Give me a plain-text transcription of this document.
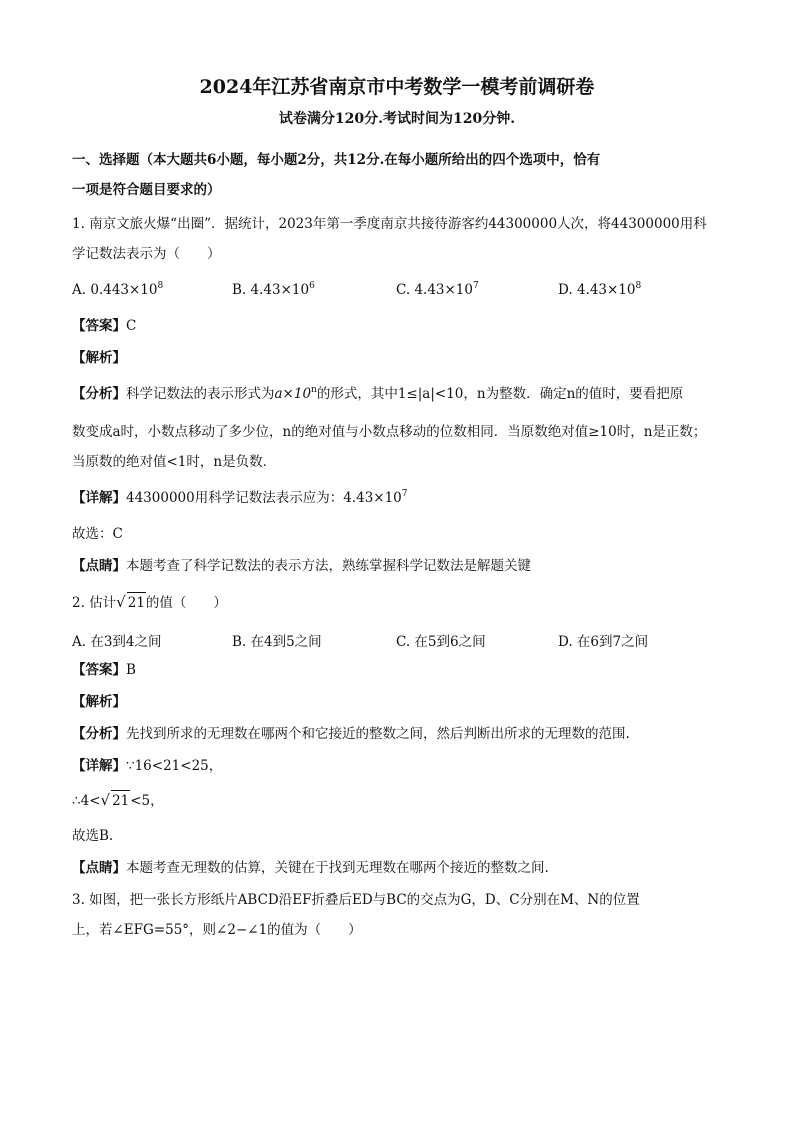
2024年江苏省南京市中考数学一模考前调研卷
试卷满分120分.考试时间为120分钟.
一、选择题（本大题共6小题，每小题2分，共12分.在每小题所给出的四个选项中，恰有
一项是符合题目要求的）
1. 南京文旅火爆“出圈”．据统计，2023年第一季度南京共接待游客约44300000人次，将44300000用科
学记数法表示为（　　）
A. $0.443\times 10^8$	B. $4.43\times 10^6$	C. $4.43\times 10^7$	D. $4.43\times 10^8$
【答案】C
【解析】
【分析】科学记数法的表示形式为$a\times 10^n$的形式，其中1≤|a|<10，n为整数．确定n的值时，要看把原
数变成a时，小数点移动了多少位，n的绝对值与小数点移动的位数相同．当原数绝对值≥10时，n是正数；
当原数的绝对值<1时，n是负数．
【详解】44300000用科学记数法表示应为：$4.43\times 10^7$
故选：C
【点睛】本题考查了科学记数法的表示方法，熟练掌握科学记数法是解题关键
2. 估计√ 21的值（　　）
A. 在3到4之间	B. 在4到5之间	C. 在5到6之间	D. 在6到7之间
【答案】B
【解析】
【分析】先找到所求的无理数在哪两个和它接近的整数之间，然后判断出所求的无理数的范围.
【详解】∵16<21<25，
∴4<√ 21<5，
故选B.
【点睛】本题考查无理数的估算，关键在于找到无理数在哪两个接近的整数之间.
3. 如图，把一张长方形纸片ABCD沿EF折叠后ED与BC的交点为G，D、C分别在M、N的位置
上，若∠EFG=55°，则∠2−∠1的值为（　　）
